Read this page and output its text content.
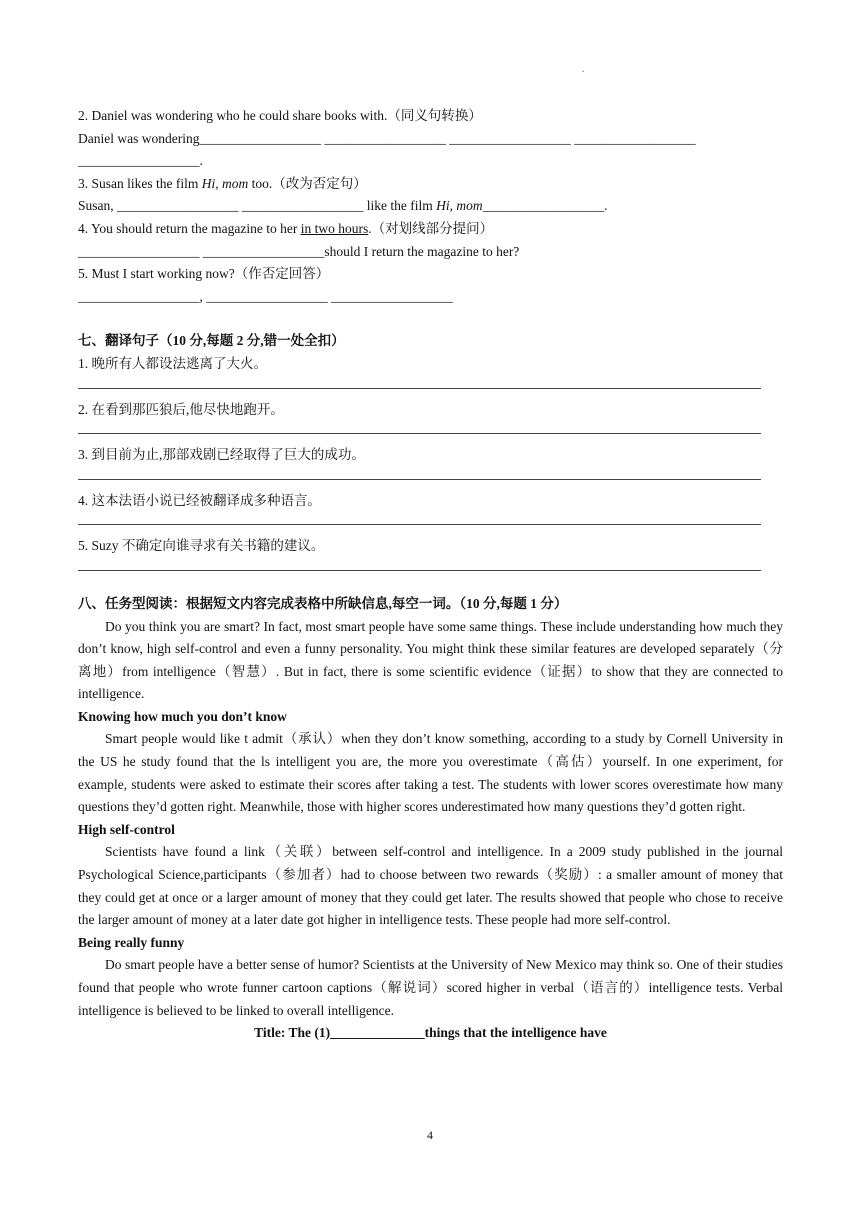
.
2. Daniel was wondering who he could share books with.（同义句转换）
Daniel was wondering__________________ __________________ __________________ __________________
__________________.
3. Susan likes the film Hi, mom too.（改为否定句）
Susan, __________________ __________________ like the film Hi, mom__________________.
4. You should return the magazine to her in two hours.（对划线部分提问）
__________________ __________________should I return the magazine to her?
5. Must I start working now?（作否定回答）
__________________, __________________ __________________
七、翻译句子（10 分,每题 2 分,错一处全扣）
1. 晚所有人都设法逃离了大火。
2. 在看到那匹狼后,他尽快地跑开。
3. 到目前为止,那部戏剧已经取得了巨大的成功。
4. 这本法语小说已经被翻译成多种语言。
5. Suzy 不确定向谁寻求有关书籍的建议。
八、任务型阅读：根据短文内容完成表格中所缺信息,每空一词。（10 分,每题 1 分）
Do you think you are smart? In fact, most smart people have some same things. These include understanding how much they don’t know, high self-control and even a funny personality. You might think these similar features are developed separately（分离地）from intelligence（智慧）. But in fact, there is some scientific evidence（证据）to show that they are connected to intelligence.
Knowing how much you don’t know
Smart people would like t admit（承认）when they don’t know something, according to a study by Cornell University in the US he study found that the ls intelligent you are, the more you overestimate（高估）yourself. In one experiment, for example, students were asked to estimate their scores after taking a test. The students with lower scores overestimate how many questions they’d gotten right. Meanwhile, those with higher scores underestimated how many questions they’d gotten right.
High self-control
Scientists have found a link（关联）between self-control and intelligence. In a 2009 study published in the journal Psychological Science,participants（参加者）had to choose between two rewards（奖励）: a smaller amount of money that they could get at once or a larger amount of money that they could get later. The results showed that people who chose to receive the larger amount of money at a later date got higher in intelligence tests. These people had more self-control.
Being really funny
Do smart people have a better sense of humor? Scientists at the University of New Mexico may think so. One of their studies found that people who wrote funner cartoon captions（解说词）scored higher in verbal（语言的）intelligence tests. Verbal intelligence is believed to be linked to overall intelligence.
Title: The (1)______________things that the intelligence have
4
